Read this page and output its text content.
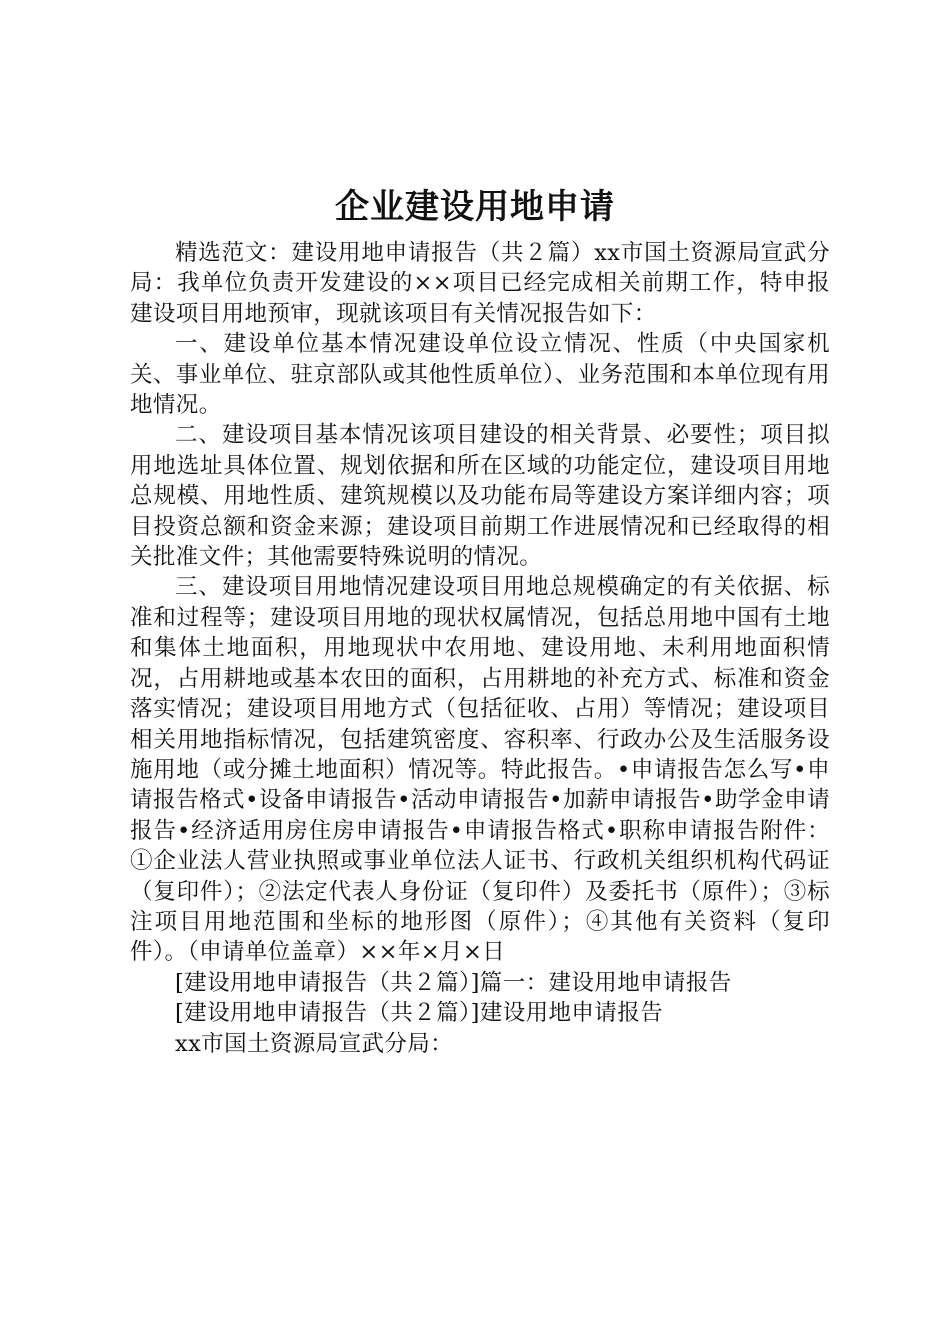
企业建设用地申请

精选范文：建设用地申请报告（共２篇）xx市国土资源局宣武分局：我单位负责开发建设的××项目已经完成相关前期工作，特申报建设项目用地预审，现就该项目有关情况报告如下：

一、建设单位基本情况建设单位设立情况、性质（中央国家机关、事业单位、驻京部队或其他性质单位）、业务范围和本单位现有用地情况。

二、建设项目基本情况该项目建设的相关背景、必要性；项目拟用地选址具体位置、规划依据和所在区域的功能定位，建设项目用地总规模、用地性质、建筑规模以及功能布局等建设方案详细内容；项目投资总额和资金来源；建设项目前期工作进展情况和已经取得的相关批准文件；其他需要特殊说明的情况。

三、建设项目用地情况建设项目用地总规模确定的有关依据、标准和过程等；建设项目用地的现状权属情况，包括总用地中国有土地和集体土地面积，用地现状中农用地、建设用地、未利用地面积情况，占用耕地或基本农田的面积，占用耕地的补充方式、标准和资金落实情况；建设项目用地方式（包括征收、占用）等情况；建设项目相关用地指标情况，包括建筑密度、容积率、行政办公及生活服务设施用地（或分摊土地面积）情况等。特此报告。•申请报告怎么写•申请报告格式•设备申请报告•活动申请报告•加薪申请报告•助学金申请报告•经济适用房住房申请报告•申请报告格式•职称申请报告附件：①企业法人营业执照或事业单位法人证书、行政机关组织机构代码证（复印件）；②法定代表人身份证（复印件）及委托书（原件）；③标注项目用地范围和坐标的地形图（原件）；④其他有关资料（复印件）。（申请单位盖章）××年×月×日

[建设用地申请报告（共２篇）]篇一：建设用地申请报告

[建设用地申请报告（共２篇）]建设用地申请报告

xx市国土资源局宣武分局：
